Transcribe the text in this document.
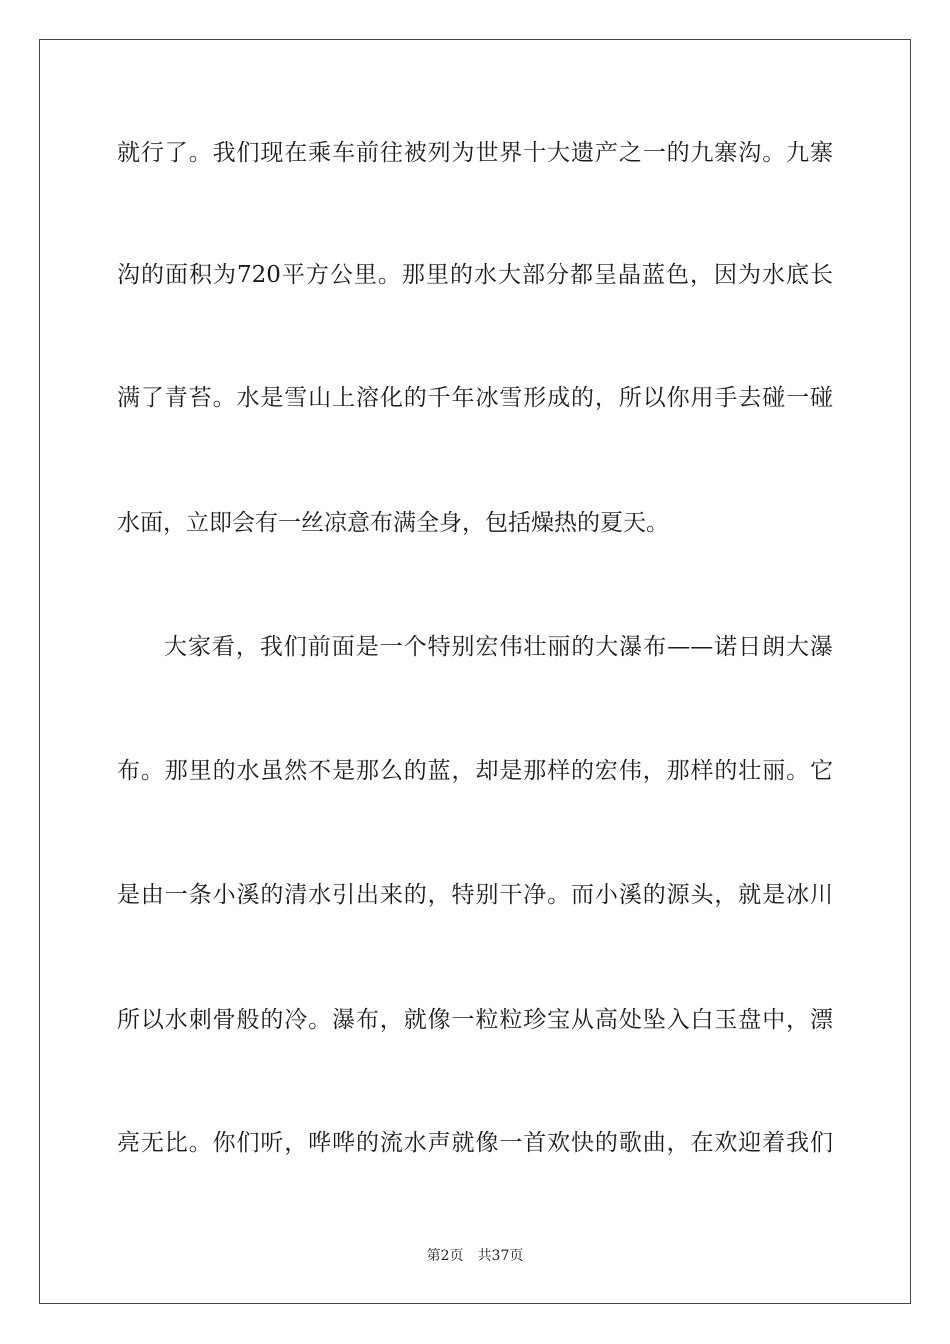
就行了。我们现在乘车前往被列为世界十大遗产之一的九寨沟。九寨

沟的面积为720平方公里。那里的水大部分都呈晶蓝色，因为水底长

满了青苔。水是雪山上溶化的千年冰雪形成的，所以你用手去碰一碰

水面，立即会有一丝凉意布满全身，包括燥热的夏天。

大家看，我们前面是一个特别宏伟壮丽的大瀑布——诺日朗大瀑

布。那里的水虽然不是那么的蓝，却是那样的宏伟，那样的壮丽。它

是由一条小溪的清水引出来的，特别干净。而小溪的源头，就是冰川

所以水刺骨般的冷。瀑布，就像一粒粒珍宝从高处坠入白玉盘中，漂

亮无比。你们听，哗哗的流水声就像一首欢快的歌曲，在欢迎着我们

第2页 共37页
